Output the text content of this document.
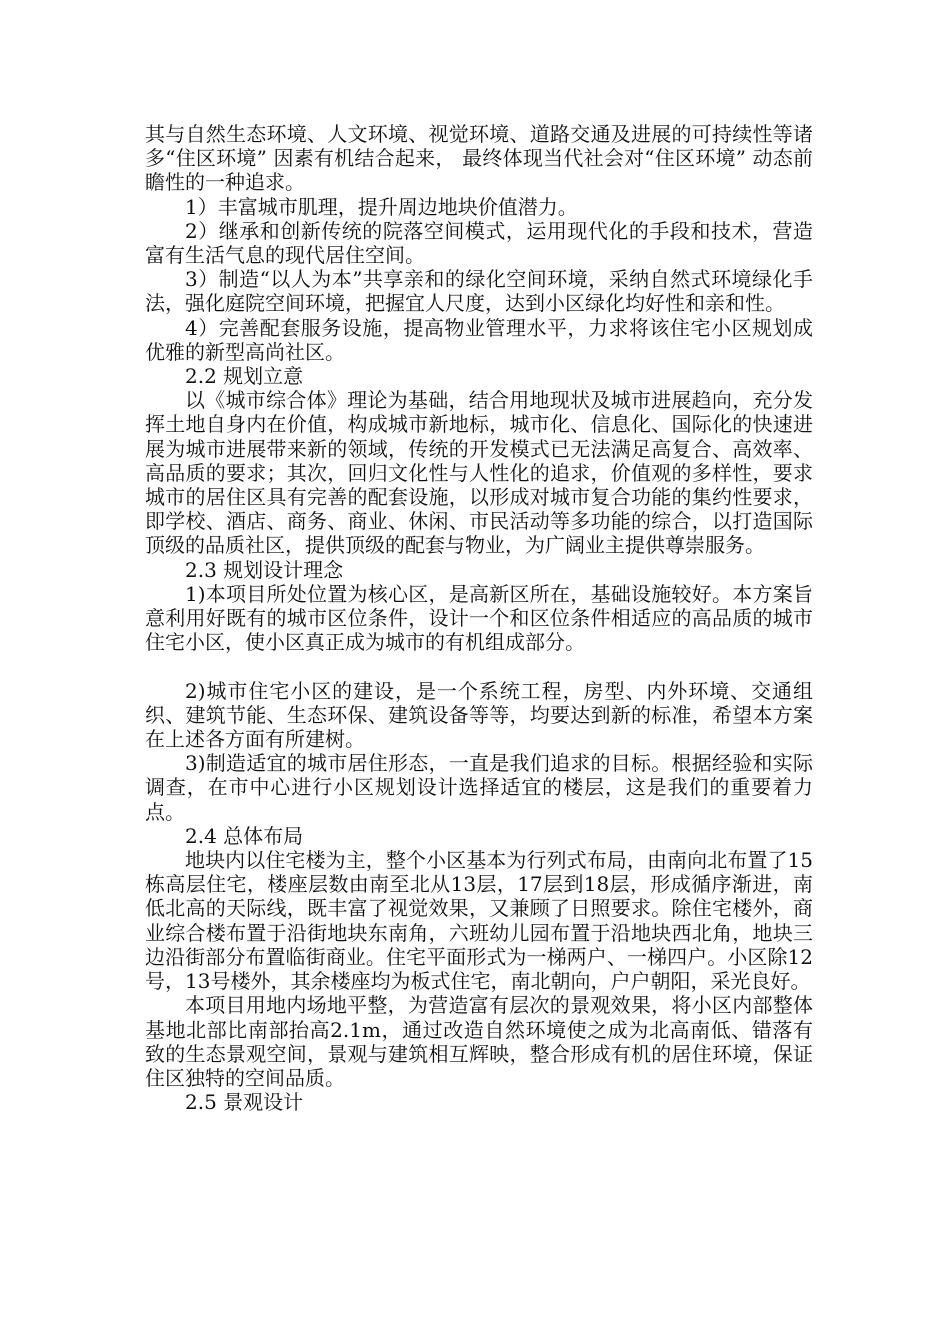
其与自然生态环境、人文环境、视觉环境、道路交通及进展的可持续性等诸多“住区环境” 因素有机结合起来， 最终体现当代社会对“住区环境” 动态前瞻性的一种追求。

1）丰富城市肌理，提升周边地块价值潜力。

2）继承和创新传统的院落空间模式，运用现代化的手段和技术，营造富有生活气息的现代居住空间。

3）制造“以人为本”共享亲和的绿化空间环境，采纳自然式环境绿化手法，强化庭院空间环境，把握宜人尺度，达到小区绿化均好性和亲和性。

4）完善配套服务设施，提高物业管理水平，力求将该住宅小区规划成优雅的新型高尚社区。

2.2 规划立意

以《城市综合体》理论为基础，结合用地现状及城市进展趋向，充分发挥土地自身内在价值，构成城市新地标，城市化、信息化、国际化的快速进展为城市进展带来新的领域，传统的开发模式已无法满足高复合、高效率、高品质的要求；其次，回归文化性与人性化的追求，价值观的多样性，要求城市的居住区具有完善的配套设施，以形成对城市复合功能的集约性要求，即学校、酒店、商务、商业、休闲、市民活动等多功能的综合，以打造国际顶级的品质社区，提供顶级的配套与物业，为广阔业主提供尊崇服务。

2.3 规划设计理念

1)本项目所处位置为核心区，是高新区所在，基础设施较好。本方案旨意利用好既有的城市区位条件，设计一个和区位条件相适应的高品质的城市住宅小区，使小区真正成为城市的有机组成部分。

2)城市住宅小区的建设，是一个系统工程，房型、内外环境、交通组织、建筑节能、生态环保、建筑设备等等，均要达到新的标准，希望本方案在上述各方面有所建树。

3)制造适宜的城市居住形态，一直是我们追求的目标。根据经验和实际调查，在市中心进行小区规划设计选择适宜的楼层，这是我们的重要着力点。

2.4 总体布局

地块内以住宅楼为主，整个小区基本为行列式布局，由南向北布置了15栋高层住宅，楼座层数由南至北从13层，17层到18层，形成循序渐进，南低北高的天际线，既丰富了视觉效果，又兼顾了日照要求。除住宅楼外，商业综合楼布置于沿街地块东南角，六班幼儿园布置于沿地块西北角，地块三边沿街部分布置临街商业。住宅平面形式为一梯两户、一梯四户。小区除12号，13号楼外，其余楼座均为板式住宅，南北朝向，户户朝阳，采光良好。

本项目用地内场地平整，为营造富有层次的景观效果，将小区内部整体基地北部比南部抬高2.1m，通过改造自然环境使之成为北高南低、错落有致的生态景观空间，景观与建筑相互辉映，整合形成有机的居住环境，保证住区独特的空间品质。

2.5 景观设计
